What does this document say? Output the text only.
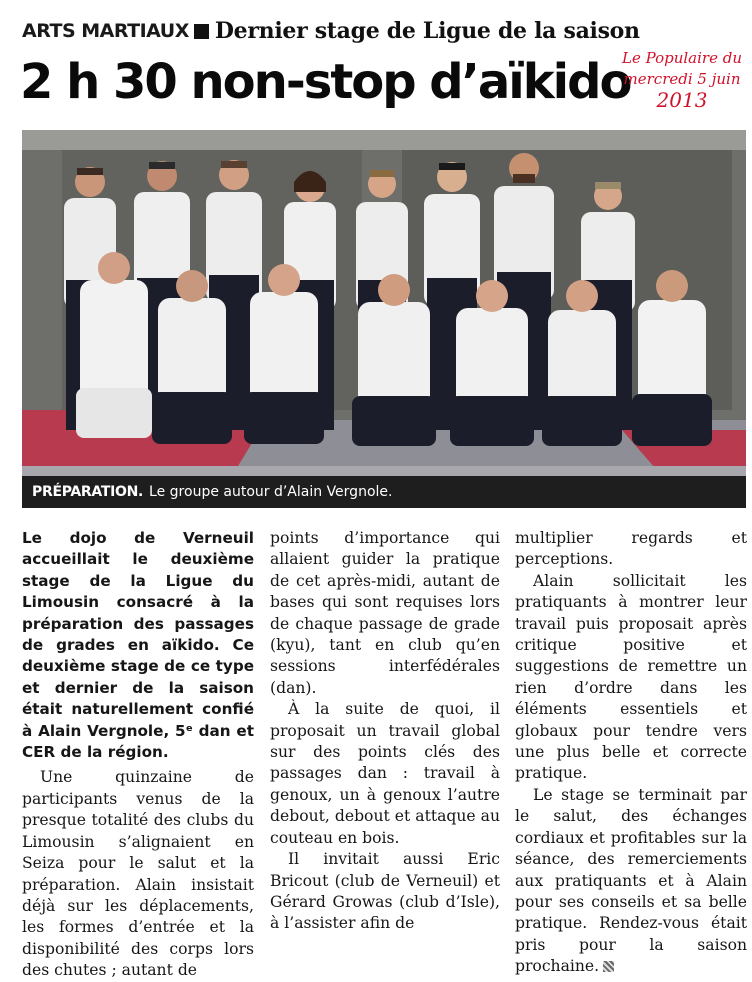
ARTS MARTIAUX Dernier stage de Ligue de la saison
2 h 30 non-stop d’aïkido
Le Populaire du
mercredi 5 juin
2013
PRÉPARATION. Le groupe autour d’Alain Vergnole.

Le dojo de Verneuil accueillait le deuxième stage de la Ligue du Limousin consacré à la préparation des passages de grades en aïkido. Ce deuxième stage de ce type et dernier de la saison était naturellement confié à Alain Vergnole, 5ᵉ dan et CER de la région.

Une quinzaine de participants venus de la presque totalité des clubs du Limousin s’alignaient en Seiza pour le salut et la préparation. Alain insistait déjà sur les déplacements, les formes d’entrée et la disponibilité des corps lors des chutes ; autant de

points d’importance qui allaient guider la pratique de cet après-midi, autant de bases qui sont requises lors de chaque passage de grade (kyu), tant en club qu’en sessions interfédérales (dan).

À la suite de quoi, il proposait un travail global sur des points clés des passages dan : travail à genoux, un à genoux l’autre debout, debout et attaque au couteau en bois.

Il invitait aussi Eric Bricout (club de Verneuil) et Gérard Growas (club d’Isle), à l’assister afin de

multiplier regards et perceptions.

Alain sollicitait les pratiquants à montrer leur travail puis proposait après critique positive et suggestions de remettre un rien d’ordre dans les éléments essentiels et globaux pour tendre vers une plus belle et correcte pratique.

Le stage se terminait par le salut, des échanges cordiaux et profitables sur la séance, des remerciements aux pratiquants et à Alain pour ses conseils et sa belle pratique. Rendez-vous était pris pour la saison prochaine.
